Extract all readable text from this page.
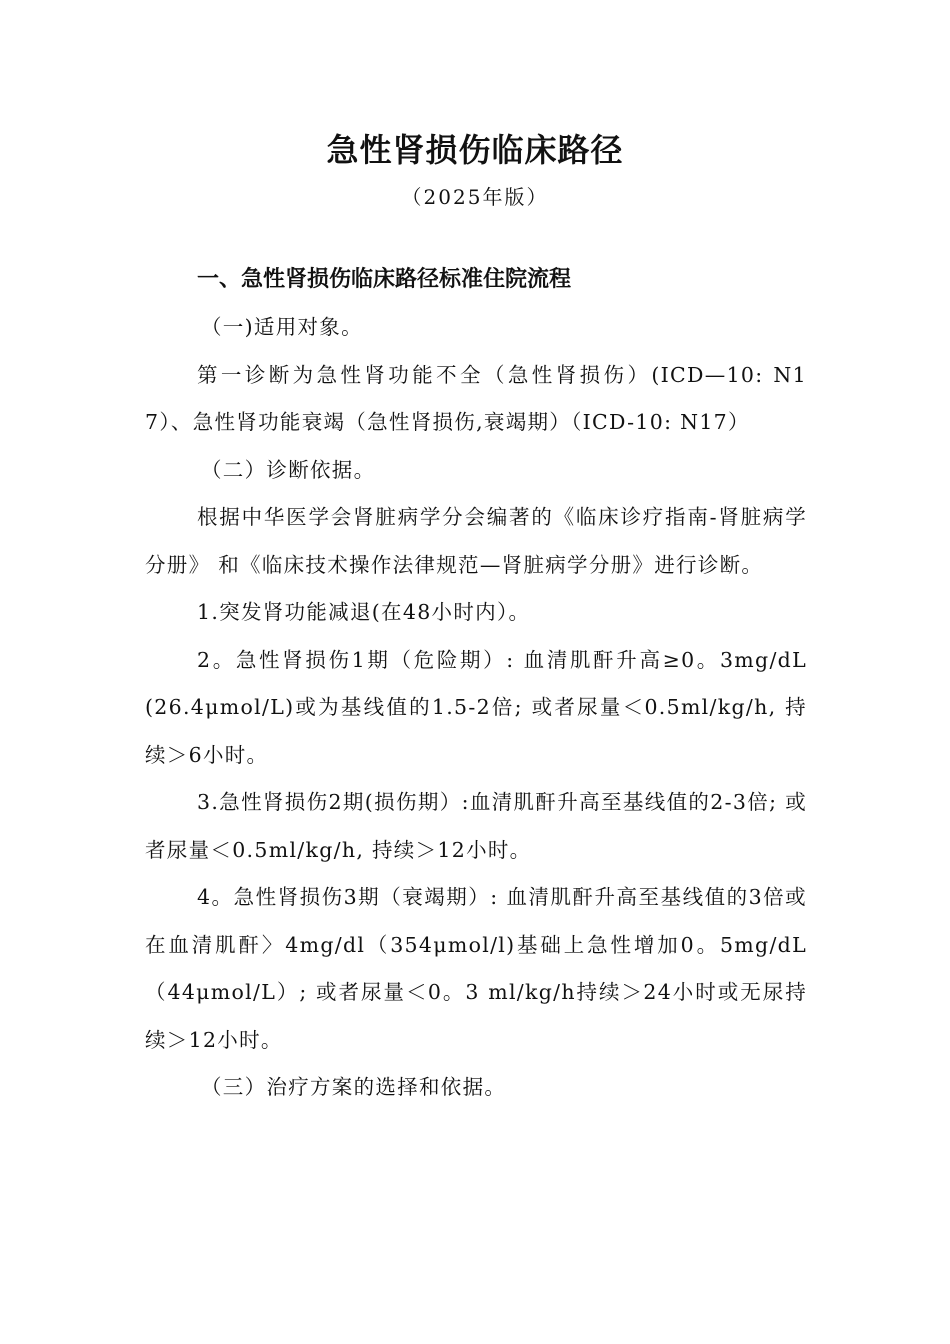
急性肾损伤临床路径
（2025年版）
一、急性肾损伤临床路径标准住院流程
（一)适用对象。

第一诊断为急性肾功能不全（急性肾损伤）(ICD—10: N17）、急性肾功能衰竭（急性肾损伤,衰竭期）（ICD-10: N17）

（二）诊断依据。

根据中华医学会肾脏病学分会编著的《临床诊疗指南-肾脏病学分册》 和《临床技术操作法律规范—肾脏病学分册》进行诊断。

1.突发肾功能减退(在48小时内）。

2。急性肾损伤1期（危险期）: 血清肌酐升高≥0。3mg/dL (26.4μmol/L)或为基线值的1.5-2倍; 或者尿量＜0.5ml/kg/h, 持续＞6小时。

3.急性肾损伤2期(损伤期）:血清肌酐升高至基线值的2-3倍; 或者尿量＜0.5ml/kg/h, 持续＞12小时。

4。急性肾损伤3期（衰竭期）: 血清肌酐升高至基线值的3倍或在血清肌酐〉4mg/dl（354μmol/l)基础上急性增加0。5mg/dL（44μmol/L）; 或者尿量＜0。3 ml/kg/h持续＞24小时或无尿持续＞12小时。

（三）治疗方案的选择和依据。
